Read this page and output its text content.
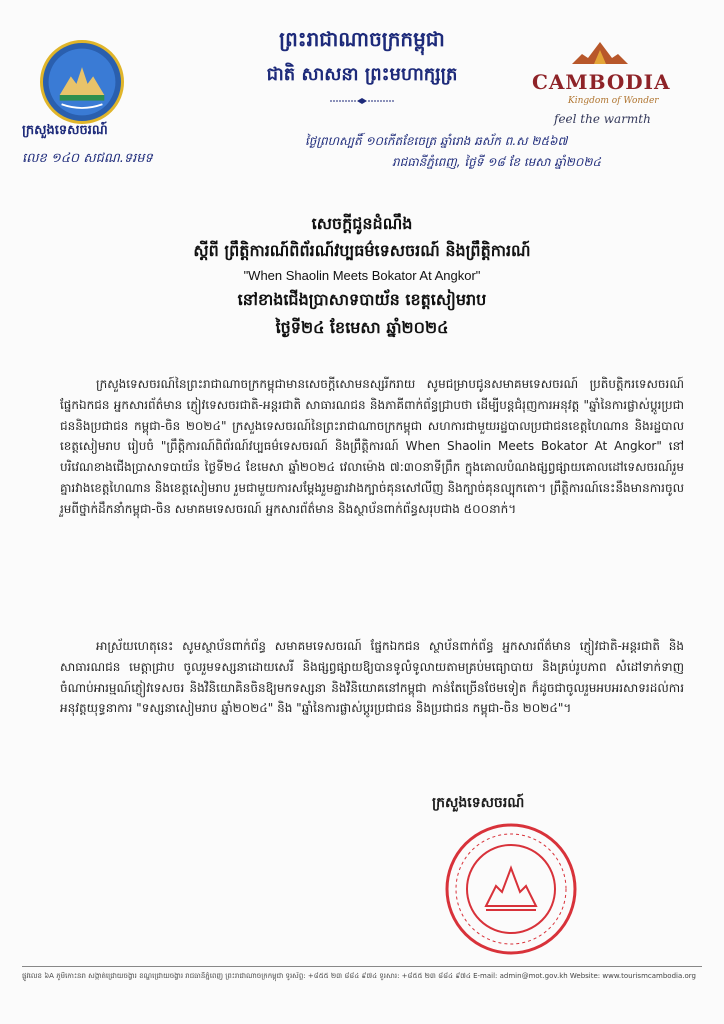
ក្រសួងទេសចរណ៍
លេខ ១៤០ សជណ.ទរមទ
ព្រះរាជាណាចក្រកម្ពុជា
ជាតិ សាសនា ព្រះមហាក្សត្រ	CAMBODIA
Kingdom of Wonder
feel the warmth
ថ្ងៃព្រហស្បតិ៍ ១០កើតខែចេត្រ ឆ្នាំរោង ឆស័ក ព.ស ២៥៦៧
រាជធានីភ្នំពេញ, ថ្ងៃទី ១៨ ខែ មេសា ឆ្នាំ២០២៤
សេចក្តីជូនដំណឹង
ស្តីពី ព្រឹត្តិការណ៍ពិព័រណ៍វប្បធម៌ទេសចរណ៍ និងព្រឹត្តិការណ៍
"When Shaolin Meets Bokator At Angkor"
នៅខាងជើងប្រាសាទបាយ័ន ខេត្តសៀមរាប
ថ្ងៃទី២៤ ខែមេសា ឆ្នាំ២០២៤
ក្រសួងទេសចរណ៍នៃព្រះរាជាណាចក្រកម្ពុជាមានសេចក្តីសោមនស្សរីករាយ សូមជម្រាបជូនសមាគមទេសចរណ៍ ប្រតិបត្តិករទេសចរណ៍ ផ្នែកឯកជន អ្នកសារព័ត៌មាន ភ្ញៀវទេសចរជាតិ-អន្តរជាតិ សាធារណជន និងភាគីពាក់ព័ន្ធជ្រាបថា ដើម្បីបន្តជំរុញការអនុវត្ត "ឆ្នាំនៃការផ្លាស់ប្តូរប្រជាជននិងប្រជាជន កម្ពុជា-ចិន ២០២៤" ក្រសួងទេសចរណ៍នៃព្រះរាជាណាចក្រកម្ពុជា សហការជាមួយរដ្ឋបាលប្រជាជនខេត្តហៃណាន និងរដ្ឋបាលខេត្តសៀមរាប រៀបចំ "ព្រឹត្តិការណ៍ពិព័រណ៍វប្បធម៌ទេសចរណ៍ និងព្រឹត្តិការណ៍ When Shaolin Meets Bokator At Angkor" នៅបរិវេណខាងជើងប្រាសាទបាយ័ន ថ្ងៃទី២៤ ខែមេសា ឆ្នាំ២០២៤ វេលាម៉ោង ៧:៣០នាទីព្រឹក ក្នុងគោលបំណងផ្សព្វផ្សាយគោលដៅទេសចរណ៍រួមគ្នារវាងខេត្តហៃណាន និងខេត្តសៀមរាប រួមជាមួយការសម្តែងរួមគ្នារវាងក្បាច់គុនសៅលីញ និងក្បាច់គុនល្បុកតោ។ ព្រឹត្តិការណ៍នេះនឹងមានការចូលរួមពីថ្នាក់ដឹកនាំកម្ពុជា-ចិន សមាគមទេសចរណ៍ អ្នកសារព័ត៌មាន និងស្ថាប័នពាក់ព័ន្ធសរុបជាង ៥០០នាក់។
អាស្រ័យហេតុនេះ សូមស្ថាប័នពាក់ព័ន្ធ សមាគមទេសចរណ៍ ផ្នែកឯកជន ស្ថាប័នពាក់ព័ន្ធ អ្នកសារព័ត៌មាន ភ្ញៀវជាតិ-អន្តរជាតិ និងសាធារណជន មេត្តាជ្រាប ចូលរួមទស្សនាដោយសេរី និងផ្សព្វផ្សាយឱ្យបានទូលំទូលាយតាមគ្រប់មធ្យោបាយ និងគ្រប់រូបភាព សំដៅទាក់ទាញចំណាប់អារម្មណ៍ភ្ញៀវទេសចរ និងវិនិយោគិនចិនឱ្យមកទស្សនា និងវិនិយោគនៅកម្ពុជា កាន់តែច្រើនថែមទៀត ក៏ដូចជាចូលរួមអបអរសាទរដល់ការអនុវត្តយុទ្ធនាការ "ទស្សនាសៀមរាប ឆ្នាំ២០២៤" និង "ឆ្នាំនៃការផ្លាស់ប្តូរប្រជាជន និងប្រជាជន កម្ពុជា-ចិន ២០២៤"។
ក្រសួងទេសចរណ៍
ផ្លូវលេខ ៦A ភូមិកោះនរា សង្កាត់ជ្រោយចង្វារ ខណ្ឌជ្រោយចង្វារ រាជធានីភ្នំពេញ ព្រះរាជាណាចក្រកម្ពុជា ទូរស័ព្ទ: +៨៥៥ ២៣ ៨៨៤ ៩៧៤ ទូរសារ: +៨៥៥ ២៣ ៨៨៤ ៩៧៤ E-mail: admin@mot.gov.kh Website: www.tourismcambodia.org
